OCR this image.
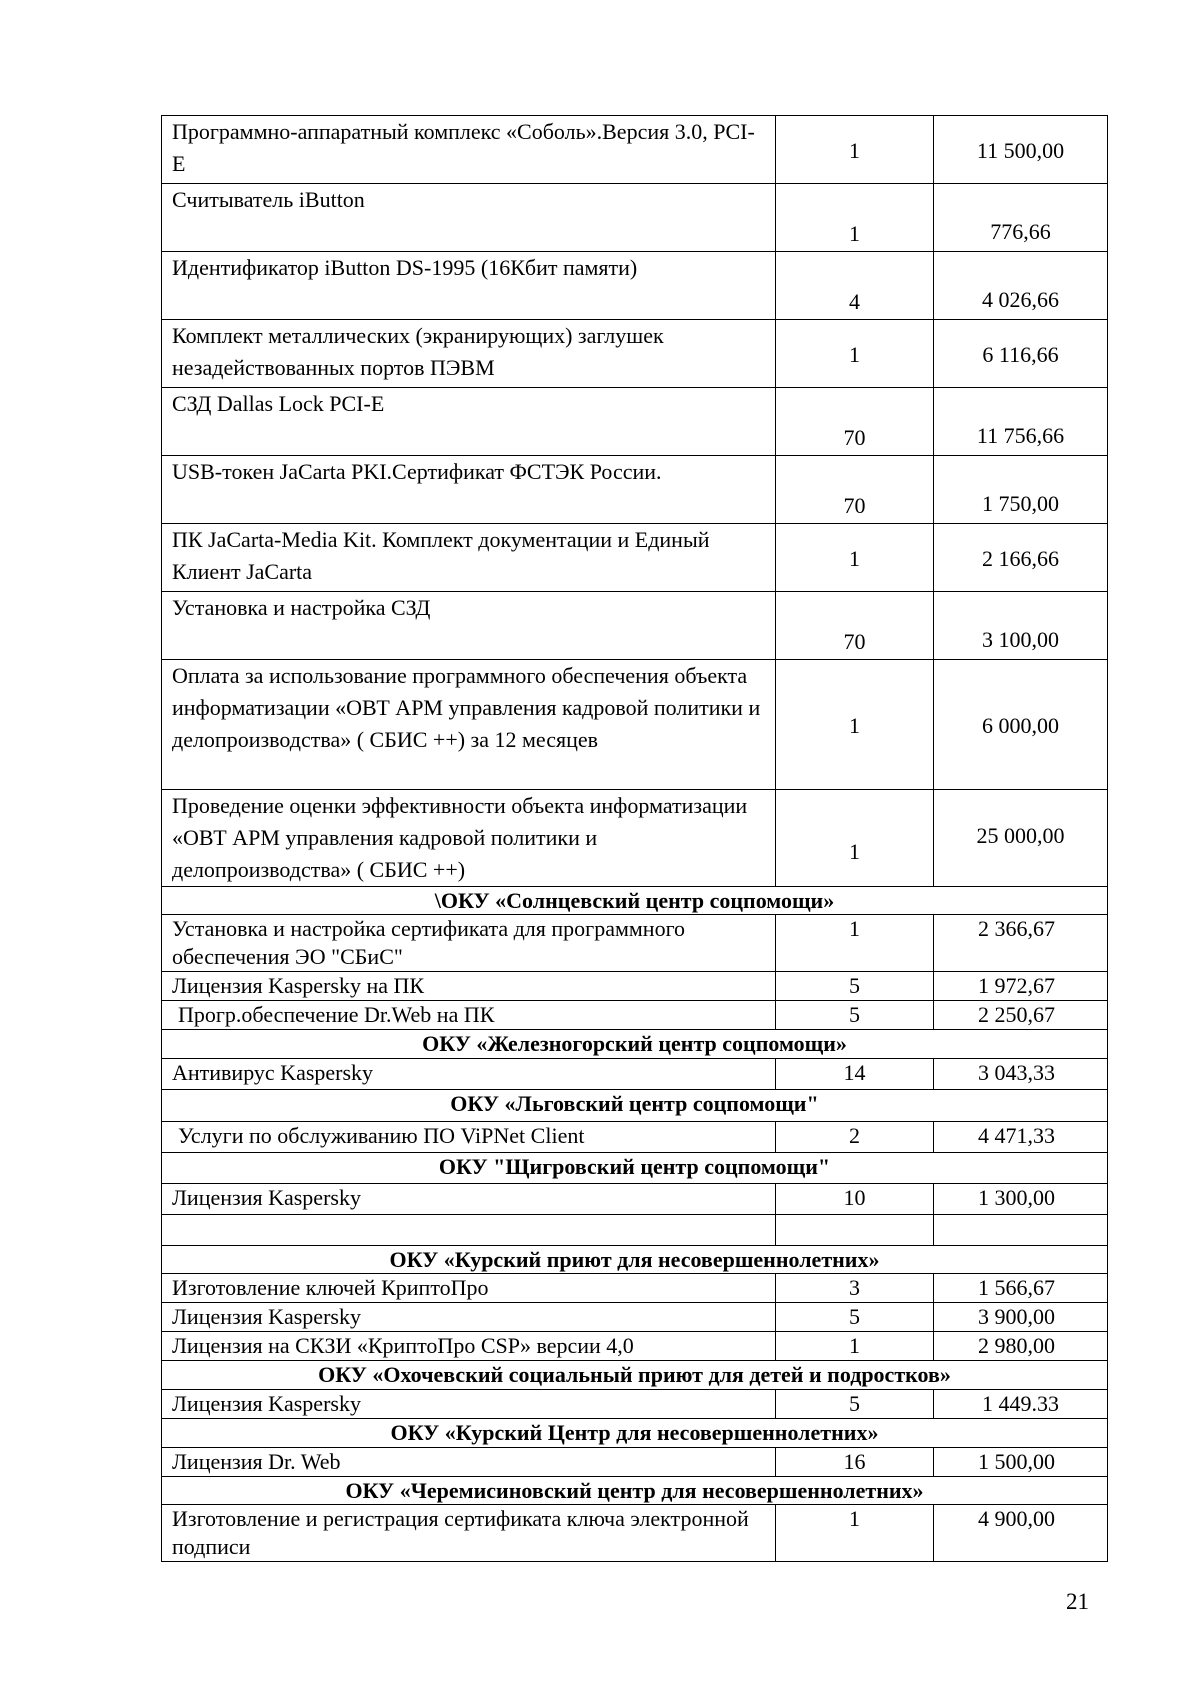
Программно-аппаратный комплекс «Соболь».Версия 3.0, PCI-E	1	11 500,00
Считыватель iButton	1	776,66
Идентификатор iButton DS-1995 (16Кбит памяти)	4	4 026,66
Комплект металлических (экранирующих) заглушек незадействованных портов ПЭВМ	1	6 116,66
СЗД Dallas Lock PCI-E	70	11 756,66
USB-токен JaCarta PKI.Сертификат ФСТЭК России.	70	1 750,00
ПК JaCarta-Media Kit. Комплект документации и Единый Клиент JaCarta	1	2 166,66
Установка и настройка СЗД	70	3 100,00
Оплата за использование программного обеспечения объекта информатизации «ОВТ АРМ управления кадровой политики и делопроизводства» ( СБИС ++) за 12 месяцев	1	6 000,00
Проведение оценки эффективности объекта информатизации «ОВТ АРМ управления кадровой политики и делопроизводства» ( СБИС ++)	1	25 000,00
\ОКУ «Солнцевский центр соцпомощи»		
Установка и настройка сертификата для программного обеспечения ЭО "СБиС"	1	2 366,67
Лицензия Kaspersky на ПК	5	1 972,67
Прогр.обеспечение Dr.Web на ПК	5	2 250,67
ОКУ «Железногорский центр соцпомощи»		
Антивирус Kaspersky	14	3 043,33
ОКУ «Льговский центр соцпомощи"		
Услуги по обслуживанию ПО ViPNet Client	2	4 471,33
ОКУ "Щигровский центр соцпомощи"		
Лицензия Kaspersky	10	1 300,00

ОКУ «Курский приют для несовершеннолетних»		
Изготовление ключей КриптоПро	3	1 566,67
Лицензия Kaspersky	5	3 900,00
Лицензия на СКЗИ «КриптоПро CSP» версии 4,0	1	2 980,00
ОКУ «Охочевский социальный приют для детей и подростков»		
Лицензия Kaspersky	5	1 449.33
ОКУ «Курский Центр для несовершеннолетних»		
Лицензия Dr. Web	16	1 500,00
ОКУ «Черемисиновский центр для несовершеннолетних»		
Изготовление и регистрация сертификата ключа электронной подписи	1	4 900,00
21
